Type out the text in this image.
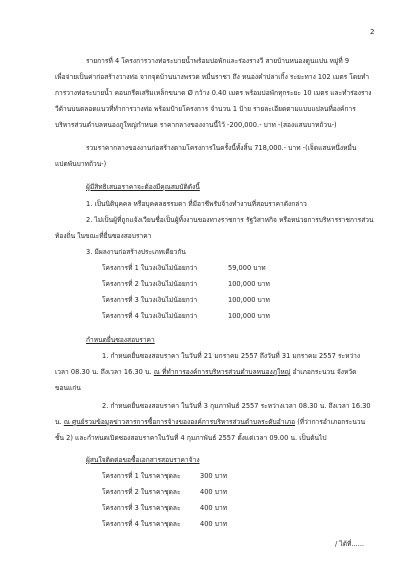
2
รายการที่ 4 โครงการวางท่อระบายน้ำพร้อมบ่อพักและร่องรางวี สายบ้านหนองดูนแปน หมู่ที่ 9
เพื่อจ่ายเป็นค่าก่อสร้างวางท่อ จากจุดบ้านนางพรวด หมื่นราชา ถึง หนองคำปลาเกิ้ง ระยะทาง 102 เมตร โดยทำ
การวางท่อระบายน้ำ คอนกรีตเสริมเหล็กขนาด Ø กว้าง 0.40 เมตร พร้อมบ่อพักทุกระยะ 10 เมตร และทำร่องราง
วีด้านบนตลอดแนวที่ทำการวางท่อ พร้อมป้ายโครงการ จำนวน 1 ป้าย รายละเอียดตามแบบแปลนที่องค์การ
บริหารส่วนตำบลหนองภูใหญ่กำหนด ราคากลางของงานนี้ไว้ -200,000.- บาท -(สองแสนบาทถ้วน-)
รวมราคากลางของงานก่อสร้างตามโครงการในครั้งนี้ทั้งสิ้น 718,000.- บาท -(เจ็ดแสนหนึ่งหมื่น
แปดพันบาทถ้วน-)
ผู้มีสิทธิเสนอราคาจะต้องมีคุณสมบัติดังนี้
1. เป็นนิติบุคคล หรือบุคคลธรรมดา ที่มีอาชีพรับจ้างทำงานที่สอบราคาดังกล่าว
2. ไม่เป็นผู้ที่ถูกแจ้งเวียนชื่อเป็นผู้ทิ้งงานของทางราชการ รัฐวิสาหกิจ หรือหน่วยการบริหารราชการส่วน
ท้องถิ่น ในขณะที่ยื่นซองสอบราคา
3. มีผลงานก่อสร้างประเภทเดียวกัน
โครงการที่ 1 ในวงเงินไม่น้อยกว่า	59,000 บาท
โครงการที่ 2 ในวงเงินไม่น้อยกว่า	100,000 บาท
โครงการที่ 3 ในวงเงินไม่น้อยกว่า	100,000 บาท
โครงการที่ 4 ในวงเงินไม่น้อยกว่า	100,000 บาท
กำหนดยื่นซองสอบราคา
1. กำหนดยื่นซองสอบราคา ในวันที่ 21 มกราคม 2557 ถึงวันที่ 31 มกราคม 2557 ระหว่าง
เวลา 08.30 น. ถึงเวลา 16.30 น. ณ ที่ทำการองค์การบริหารส่วนตำบลหนองภูใหญ่ อำเภอกระนวน จังหวัด
ขอนแก่น
2. กำหนดยื่นซองสอบราคา ในวันที่ 3 กุมภาพันธ์ 2557 ระหว่างเวลา 08.30 น. ถึงเวลา 16.30
น. ณ ศูนย์รวมข้อมูลข่าวสารการซื้อการจ้างขององค์การบริหารส่วนตำบลระดับอำเภอ (ที่ว่าการอำเภอกระนวน
ชั้น 2) และกำหนดเปิดซองสอบราคาในวันที่ 4 กุมภาพันธ์ 2557 ตั้งแต่เวลา 09.00 น. เป็นต้นไป
ผู้สนใจติดต่อขอซื้อเอกสารสอบราคาจ้าง
โครงการที่ 1 ในราคาชุดละ	300 บาท
โครงการที่ 2 ในราคาชุดละ	400 บาท
โครงการที่ 3 ในราคาชุดละ	400 บาท
โครงการที่ 4 ในราคาชุดละ	400 บาท
/ ได้ที่......
